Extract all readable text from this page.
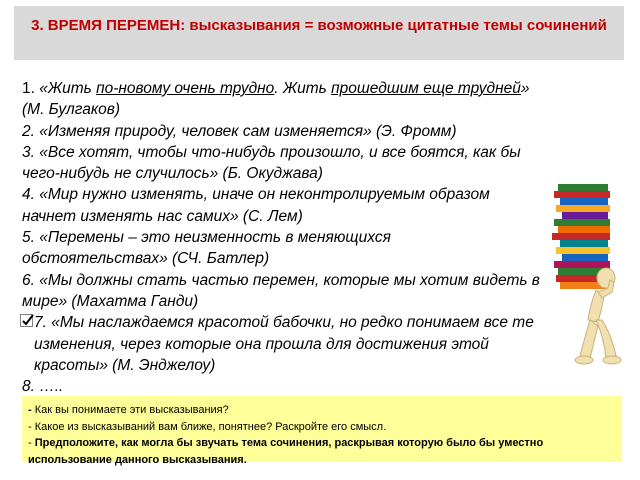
3. ВРЕМЯ ПЕРЕМЕН: высказывания = возможные цитатные темы сочинений

1. «Жить по-новому очень трудно. Жить прошедшим еще трудней» (М. Булгаков)

2. «Изменяя природу, человек сам изменяется» (Э. Фромм)

3. «Все хотят, чтобы что-нибудь произошло, и все боятся, как бы чего-нибудь не случилось» (Б. Окуджава)

4. «Мир нужно изменять, иначе он неконтролируемым образом начнет изменять нас самих» (С. Лем)

5. «Перемены – это неизменность в меняющихся обстоятельствах» (СЧ. Батлер)

6. «Мы должны стать частью перемен, которые мы хотим видеть в мире» (Махатма Ганди)

7. «Мы наслаждаемся красотой бабочки, но редко понимаем все те изменения, через которые она прошла для достижения этой красоты» (М. Энджелоу)

8. …..

- Как вы понимаете эти высказывания?
- Какое из высказываний вам ближе, понятнее? Раскройте его смысл.
- Предположите, как могла бы звучать тема сочинения, раскрывая которую было бы уместно использование данного высказывания.
